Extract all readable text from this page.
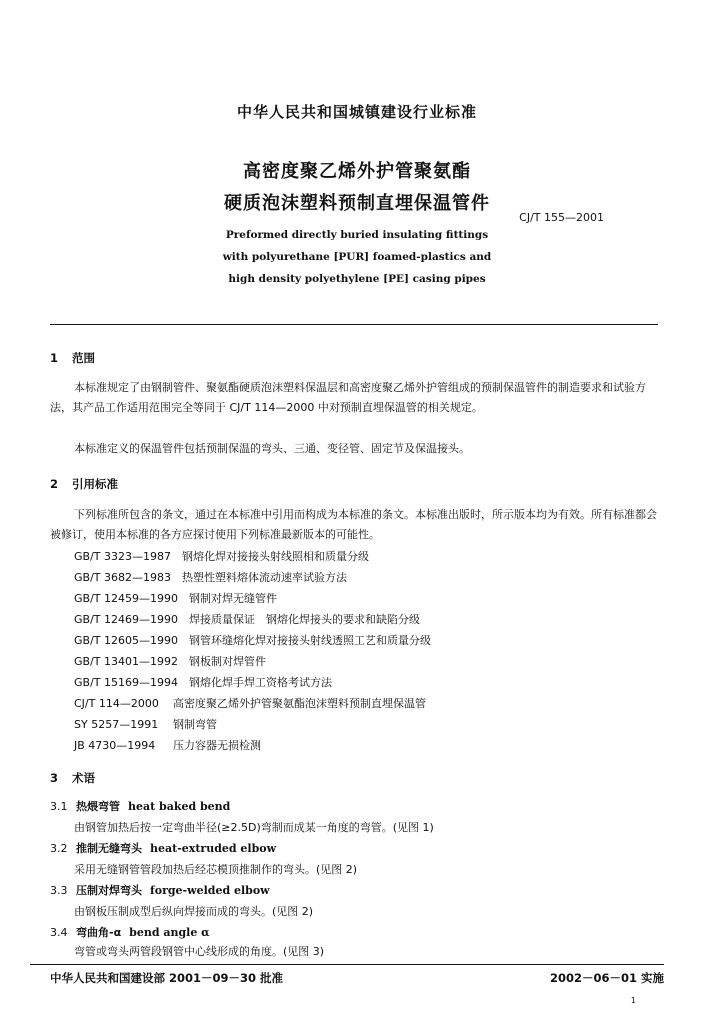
中华人民共和国城镇建设行业标准
高密度聚乙烯外护管聚氨酯
硬质泡沫塑料预制直埋保温管件
CJ/T 155—2001
Preformed directly buried insulating fittings
with polyurethane [PUR] foamed-plastics and
high density polyethylene [PE] casing pipes
1 范围

本标准规定了由钢制管件、聚氨酯硬质泡沫塑料保温层和高密度聚乙烯外护管组成的预制保温管件的制造要求和试验方法，其产品工作适用范围完全等同于 CJ/T 114—2000 中对预制直埋保温管的相关规定。

本标准定义的保温管件包括预制保温的弯头、三通、变径管、固定节及保温接头。

2 引用标准

下列标准所包含的条文，通过在本标准中引用而构成为本标准的条文。本标准出版时，所示版本均为有效。所有标准都会被修订，使用本标准的各方应探讨使用下列标准最新版本的可能性。

GB/T 3323—1987　 钢熔化焊对接接头射线照相和质量分级
GB/T 3682—1983　 热塑性塑料熔体流动速率试验方法
GB/T 12459—1990　 钢制对焊无缝管件
GB/T 12469—1990　 焊接质量保证　钢熔化焊接头的要求和缺陷分级
GB/T 12605—1990　 钢管环缝熔化焊对接接头射线透照工艺和质量分级
GB/T 13401—1992　 钢板制对焊管件
GB/T 15169—1994　 钢熔化焊手焊工资格考试方法
CJ/T 114—2000　 高密度聚乙烯外护管聚氨酯泡沫塑料预制直埋保温管
SY 5257—1991　 钢制弯管
JB 4730—1994　 压力容器无损检测
3 术语
3.1 热煨弯管 heat baked bend
由钢管加热后按一定弯曲半径(≥2.5D)弯制而成某一角度的弯管。(见图 1)
3.2 推制无缝弯头 heat-extruded elbow
采用无缝钢管管段加热后经芯模顶推制作的弯头。(见图 2)
3.3 压制对焊弯头 forge-welded elbow
由钢板压制成型后纵向焊接而成的弯头。(见图 2)
3.4 弯曲角-α bend angle α
弯管或弯头两管段钢管中心线形成的角度。(见图 3)
中华人民共和国建设部 2001－09－30 批准	2002－06－01 实施
1
